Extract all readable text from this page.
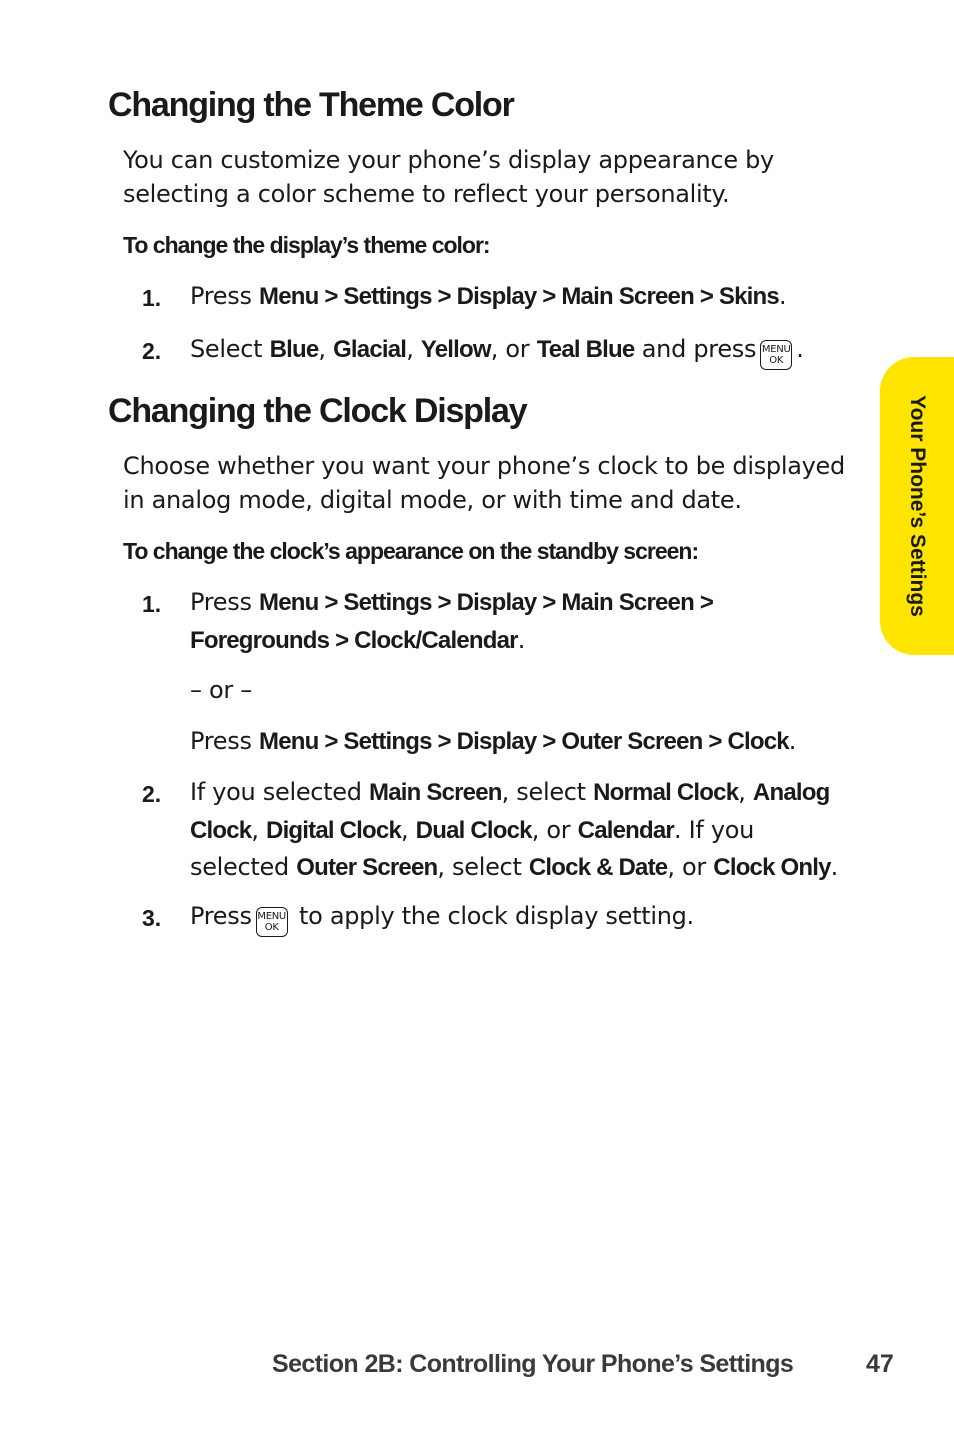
Changing the Theme Color

You can customize your phone’s display appearance by selecting a color scheme to reflect your personality.

To change the display’s theme color:

1. Press Menu > Settings > Display > Main Screen > Skins.
2. Select Blue, Glacial, Yellow, or Teal Blue and press MENU
OK .
Changing the Clock Display

Choose whether you want your phone’s clock to be displayed in analog mode, digital mode, or with time and date.

To change the clock’s appearance on the standby screen:

1. Press Menu > Settings > Display > Main Screen > Foregrounds > Clock/Calendar.
– or –
Press Menu > Settings > Display > Outer Screen > Clock.
2. If you selected Main Screen, select Normal Clock, Analog Clock, Digital Clock, Dual Clock, or Calendar. If you selected Outer Screen, select Clock & Date, or Clock Only.
3. Press MENU
OK to apply the clock display setting.
Your Phone’s Settings
Section 2B: Controlling Your Phone’s Settings	47
